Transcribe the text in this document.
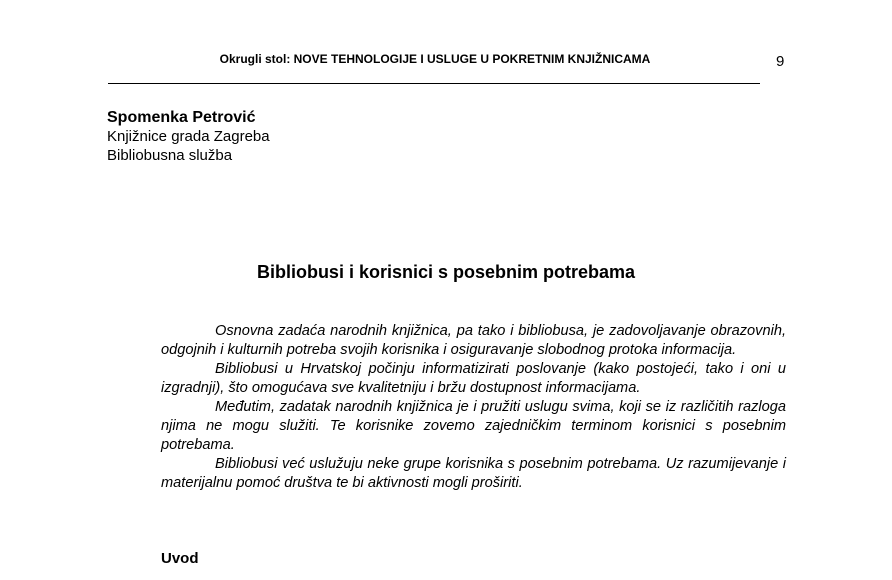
Okrugli stol: NOVE TEHNOLOGIJE I USLUGE U POKRETNIM KNJIŽNICAMA	9
Spomenka Petrović
Knjižnice grada Zagreba
Bibliobusna služba
Bibliobusi i korisnici s posebnim potrebama

Osnovna zadaća narodnih knjižnica, pa tako i bibliobusa, je zadovoljavanje obrazovnih, odgojnih i kulturnih potreba svojih korisnika i osiguravanje slobodnog protoka informacija.

Bibliobusi u Hrvatskoj počinju informatizirati poslovanje (kako postojeći, tako i oni u izgradnji), što omogućava sve kvalitetniju i bržu dostupnost informacijama.

Međutim, zadatak narodnih knjižnica je i pružiti uslugu svima, koji se iz različitih razloga njima ne mogu služiti. Te korisnike zovemo zajedničkim terminom korisnici s posebnim potrebama.

Bibliobusi već uslužuju neke grupe korisnika s posebnim potrebama. Uz razumijevanje i materijalnu pomoć društva te bi aktivnosti mogli proširiti.

Uvod
